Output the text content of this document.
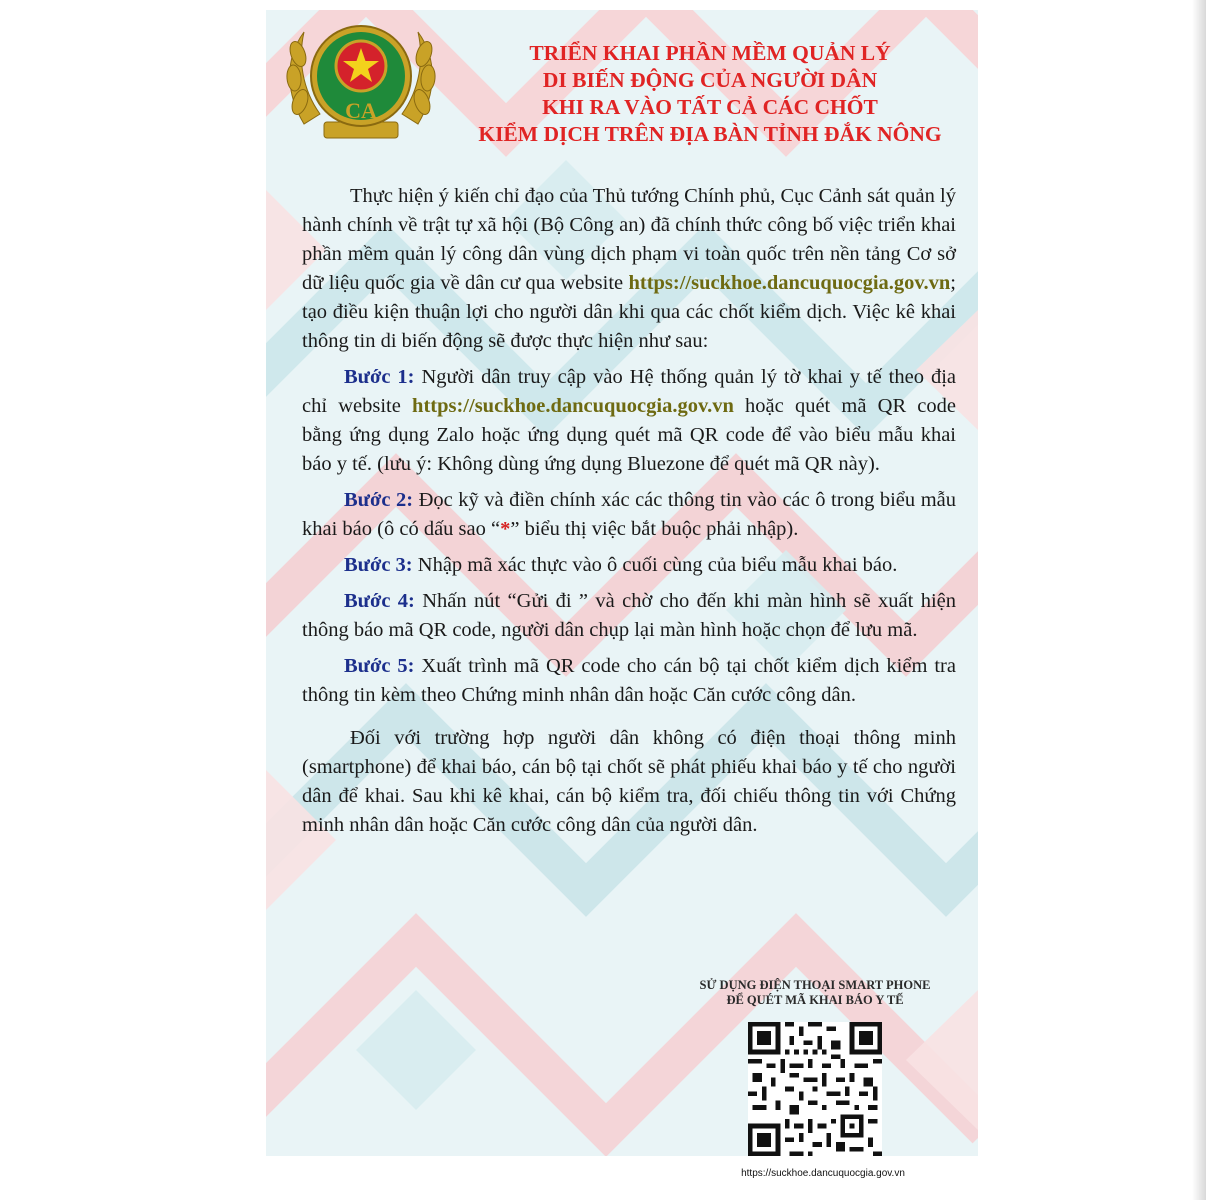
CA
TRIỂN KHAI PHẦN MỀM QUẢN LÝ
DI BIẾN ĐỘNG CỦA NGƯỜI DÂN
KHI RA VÀO TẤT CẢ CÁC CHỐT
KIỂM DỊCH TRÊN ĐỊA BÀN TỈNH ĐẮK NÔNG

Thực hiện ý kiến chỉ đạo của Thủ tướng Chính phủ, Cục Cảnh sát quản lý hành chính về trật tự xã hội (Bộ Công an) đã chính thức công bố việc triển khai phần mềm quản lý công dân vùng dịch phạm vi toàn quốc trên nền tảng Cơ sở dữ liệu quốc gia về dân cư qua website https://suckhoe.dancuquocgia.gov.vn; tạo điều kiện thuận lợi cho người dân khi qua các chốt kiểm dịch. Việc kê khai thông tin di biến động sẽ được thực hiện như sau:

Bước 1: Người dân truy cập vào Hệ thống quản lý tờ khai y tế theo địa chỉ website https://suckhoe.dancuquocgia.gov.vn hoặc quét mã QR code bằng ứng dụng Zalo hoặc ứng dụng quét mã QR code để vào biểu mẫu khai báo y tế. (lưu ý: Không dùng ứng dụng Bluezone để quét mã QR này).

Bước 2: Đọc kỹ và điền chính xác các thông tin vào các ô trong biểu mẫu khai báo (ô có dấu sao “*” biểu thị việc bắt buộc phải nhập).

Bước 3: Nhập mã xác thực vào ô cuối cùng của biểu mẫu khai báo.

Bước 4: Nhấn nút “Gửi đi ” và chờ cho đến khi màn hình sẽ xuất hiện thông báo mã QR code, người dân chụp lại màn hình hoặc chọn để lưu mã.

Bước 5: Xuất trình mã QR code cho cán bộ tại chốt kiểm dịch kiểm tra thông tin kèm theo Chứng minh nhân dân hoặc Căn cước công dân.

Đối với trường hợp người dân không có điện thoại thông minh (smartphone) để khai báo, cán bộ tại chốt sẽ phát phiếu khai báo y tế cho người dân để khai. Sau khi kê khai, cán bộ kiểm tra, đối chiếu thông tin với Chứng minh nhân dân hoặc Căn cước công dân của người dân.

SỬ DỤNG ĐIỆN THOẠI SMART PHONE
ĐỂ QUÉT MÃ KHAI BÁO Y TẾ
https://suckhoe.dancuquocgia.gov.vn
